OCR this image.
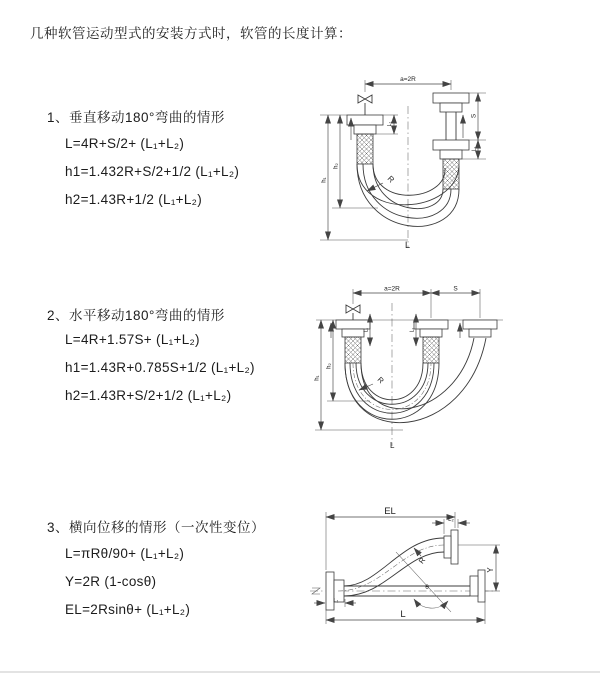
几种软管运动型式的安装方式时，软管的长度计算：
1、垂直移动180°弯曲的情形
L=4R+S/2+ (L₁+L₂)
h1=1.432R+S/2+1/2 (L₁+L₂)
h2=1.43R+1/2 (L₁+L₂)
a=2R
L₁
S
L₂
h₁
h₂
R
L
2、水平移动180°弯曲的情形
L=4R+1.57S+ (L₁+L₂)
h1=1.43R+0.785S+1/2 (L₁+L₂)
h2=1.43R+S/2+1/2 (L₁+L₂)
a=2R	S
L₁	L₂
h₁
h₂
R
L
3、横向位移的情形（一次性变位）
L=πRθ/90+ (L₁+L₂)
Y=2R (1-cosθ)
EL=2Rsinθ+ (L₁+L₂)
EL
L₂
Y
θ
R
L₁
L
